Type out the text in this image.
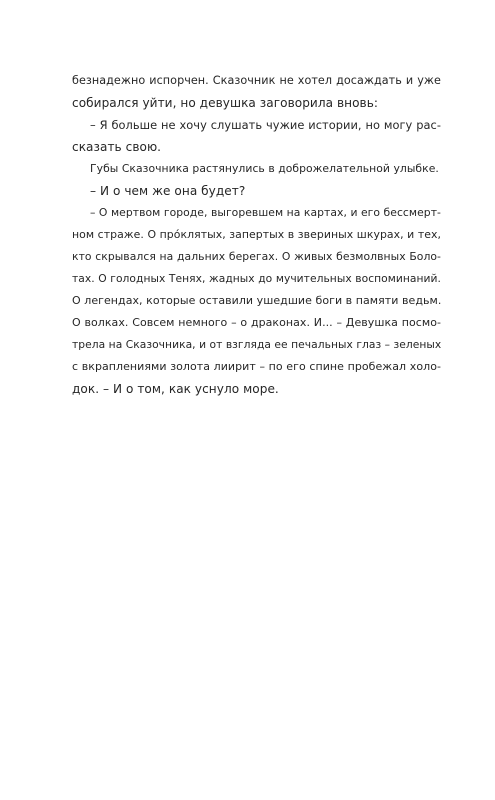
безнадежно испорчен. Сказочник не хотел досаждать и уже
собирался уйти, но девушка заговорила вновь:
– Я больше не хочу слушать чужие истории, но могу рас-
сказать свою.
Губы Сказочника растянулись в доброжелательной улыбке.
– И о чем же она будет?
– О мертвом городе, выгоревшем на картах, и его бессмерт-
ном страже. О прóклятых, запертых в звериных шкурах, и тех,
кто скрывался на дальних берегах. О живых безмолвных Боло-
тах. О голодных Тенях, жадных до мучительных воспоминаний.
О легендах, которые оставили ушедшие боги в памяти ведьм.
О волках. Совсем немного – о драконах. И... – Девушка посмо-
трела на Сказочника, и от взгляда ее печальных глаз – зеленых
с вкраплениями золота лиирит – по его спине пробежал холо-
док. – И о том, как уснуло море.
